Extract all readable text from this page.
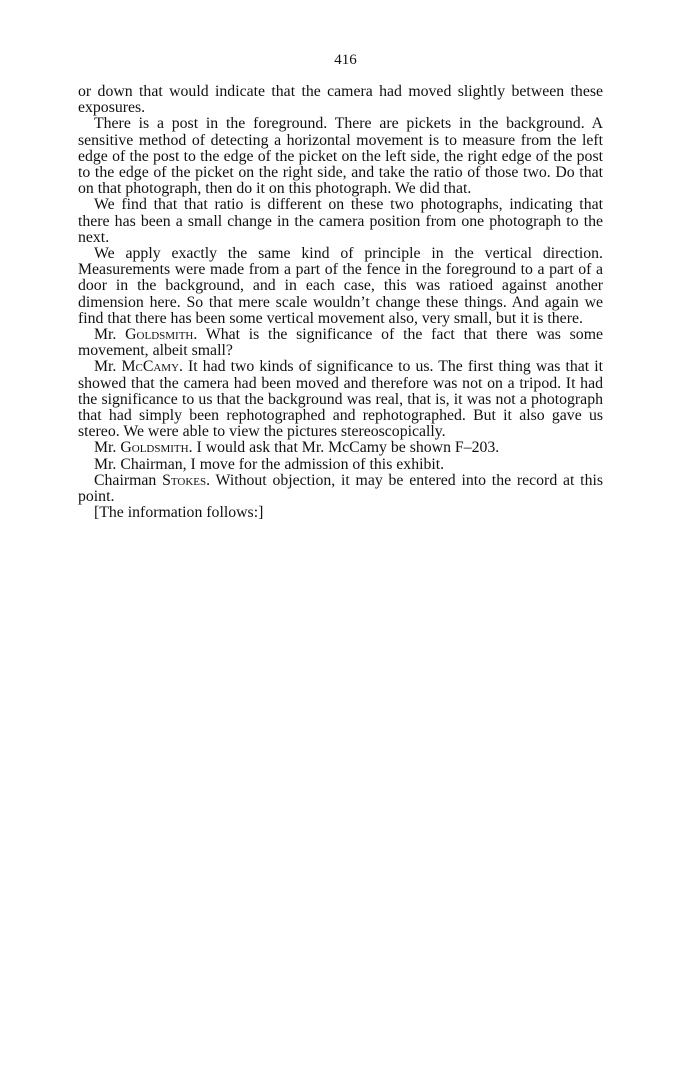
416

or down that would indicate that the camera had moved slightly between these exposures.

There is a post in the foreground. There are pickets in the background. A sensitive method of detecting a horizontal movement is to measure from the left edge of the post to the edge of the picket on the left side, the right edge of the post to the edge of the picket on the right side, and take the ratio of those two. Do that on that photograph, then do it on this photograph. We did that.

We find that that ratio is different on these two photographs, indicating that there has been a small change in the camera position from one photograph to the next.

We apply exactly the same kind of principle in the vertical direction. Measurements were made from a part of the fence in the foreground to a part of a door in the background, and in each case, this was ratioed against another dimension here. So that mere scale wouldn’t change these things. And again we find that there has been some vertical movement also, very small, but it is there.

Mr. Goldsmith. What is the significance of the fact that there was some movement, albeit small?

Mr. McCamy. It had two kinds of significance to us. The first thing was that it showed that the camera had been moved and therefore was not on a tripod. It had the significance to us that the background was real, that is, it was not a photograph that had simply been rephotographed and rephotographed. But it also gave us stereo. We were able to view the pictures stereoscopically.

Mr. Goldsmith. I would ask that Mr. McCamy be shown F–203.

Mr. Chairman, I move for the admission of this exhibit.

Chairman Stokes. Without objection, it may be entered into the record at this point.

[The information follows:]
